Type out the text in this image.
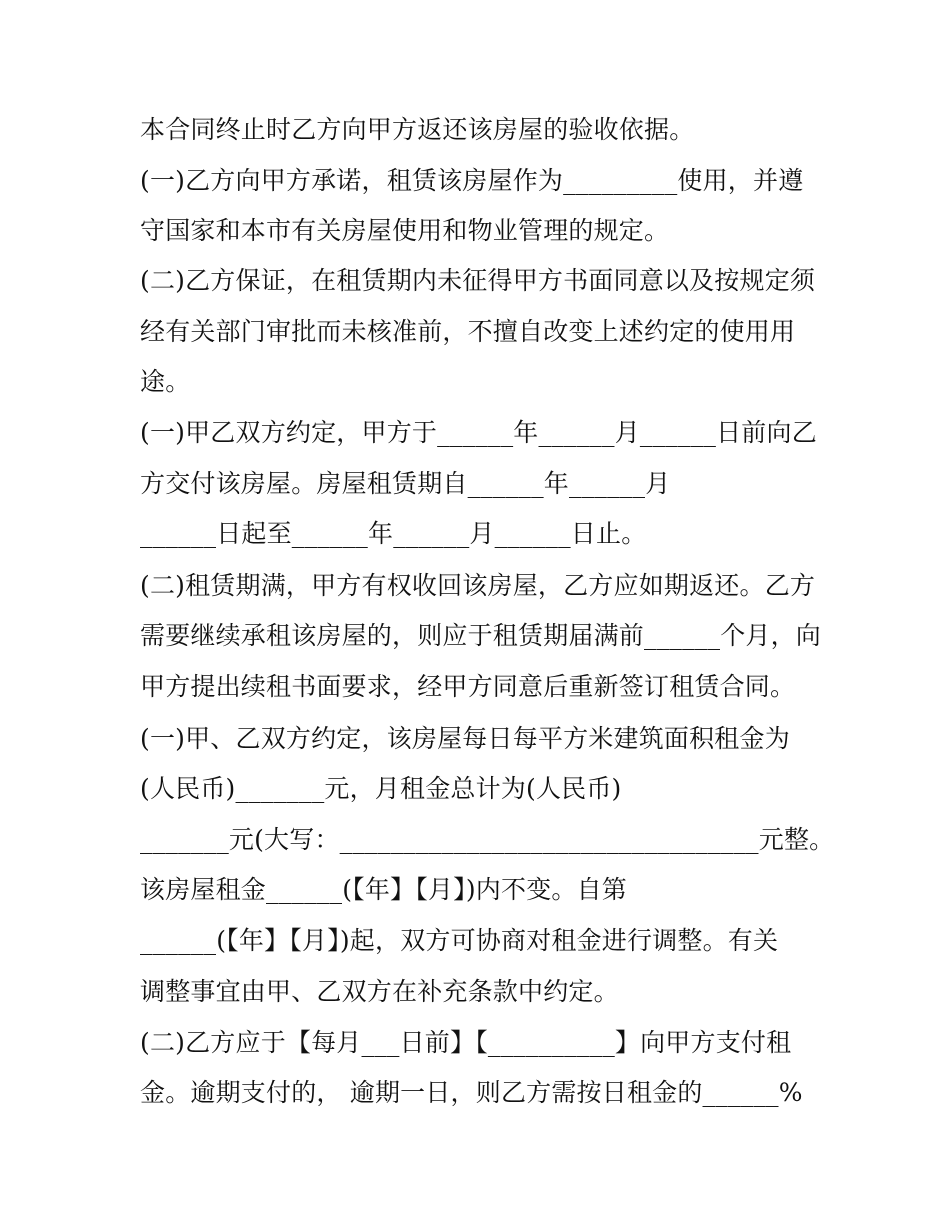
本合同终止时乙方向甲方返还该房屋的验收依据。
(一)乙方向甲方承诺，租赁该房屋作为_________使用，并遵
守国家和本市有关房屋使用和物业管理的规定。
(二)乙方保证，在租赁期内未征得甲方书面同意以及按规定须
经有关部门审批而未核准前，不擅自改变上述约定的使用用
途。
(一)甲乙双方约定，甲方于______年______月______日前向乙
方交付该房屋。房屋租赁期自______年______月
______日起至______年______月______日止。
(二)租赁期满，甲方有权收回该房屋，乙方应如期返还。乙方
需要继续承租该房屋的，则应于租赁期届满前______个月，向
甲方提出续租书面要求，经甲方同意后重新签订租赁合同。
(一)甲、乙双方约定，该房屋每日每平方米建筑面积租金为
(人民币)_______元，月租金总计为(人民币)
_______元(大写：_________________________________元整。
该房屋租金______(【年】【月】)内不变。自第
______(【年】【月】)起，双方可协商对租金进行调整。有关
调整事宜由甲、乙双方在补充条款中约定。
(二)乙方应于【每月___日前】【__________】向甲方支付租
金。逾期支付的， 逾期一日，则乙方需按日租金的______%
